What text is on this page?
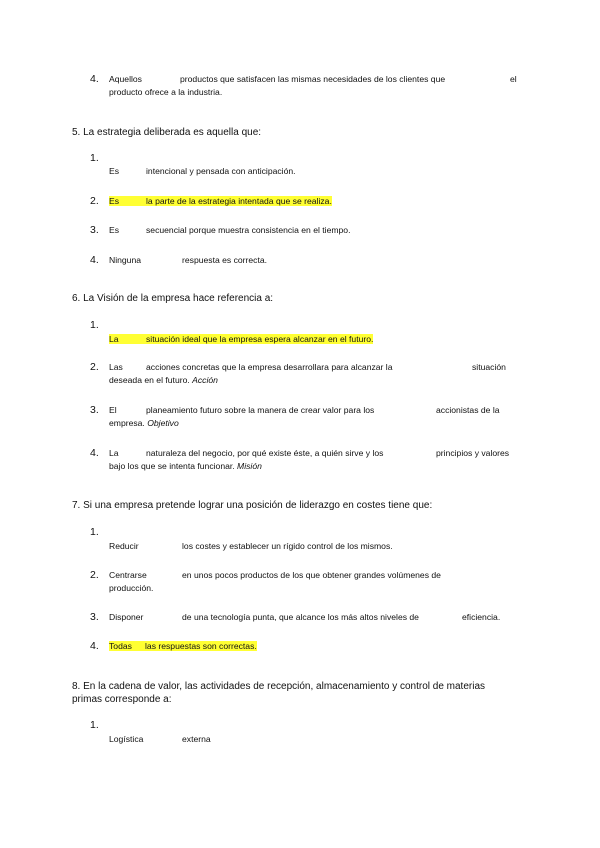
4. Aquellos	productos que satisfacen las mismas necesidades de los clientes que	el
producto ofrece a la industria.
5. La estrategia deliberada es aquella que:
1.
Es	intencional y pensada con anticipación.
2. Es	la parte de la estrategia intentada que se realiza.
3. Es	secuencial porque muestra consistencia en el tiempo.
4. Ninguna	respuesta es correcta.
6. La Visión de la empresa hace referencia a:
1.
La	situación ideal que la empresa espera alcanzar en el futuro.
2. Las	acciones concretas que la empresa desarrollara para alcanzar la	situación
deseada en el futuro. Acción
3. El	planeamiento futuro sobre la manera de crear valor para los	accionistas de la
empresa. Objetivo
4. La	naturaleza del negocio, por qué existe éste, a quién sirve y los	principios y valores
bajo los que se intenta funcionar. Misión
7. Si una empresa pretende lograr una posición de liderazgo en costes tiene que:
1.
Reducir	los costes y establecer un rígido control de los mismos.
2. Centrarse	en unos pocos productos de los que obtener grandes volúmenes de
producción.
3. Disponer	de una tecnología punta, que alcance los más altos niveles de	eficiencia.
4. Todas las respuestas son correctas.
8. En la cadena de valor, las actividades de recepción, almacenamiento y control de materias
primas corresponde a:
1.
Logística	externa
